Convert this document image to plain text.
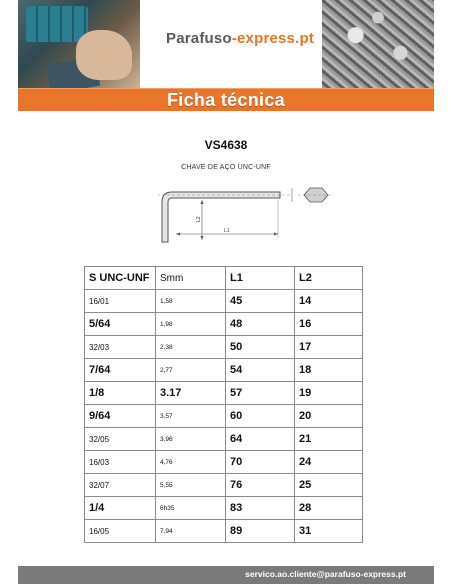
Parafuso-express.pt
Ficha técnica
VS4638
CHAVE DE AÇO UNC-UNF
L1
L2
S UNC-UNF	Smm	L1	L2
16/01	1,58	45	14
5/64	1,98	48	16
32/03	2,38	50	17
7/64	2,77	54	18
1/8	3.17	57	19
9/64	3,57	60	20
32/05	3,96	64	21
16/03	4,76	70	24
32/07	5,55	76	25
1/4	6h35	83	28
16/05	7,94	89	31
servico.ao.cliente@parafuso-express.pt
